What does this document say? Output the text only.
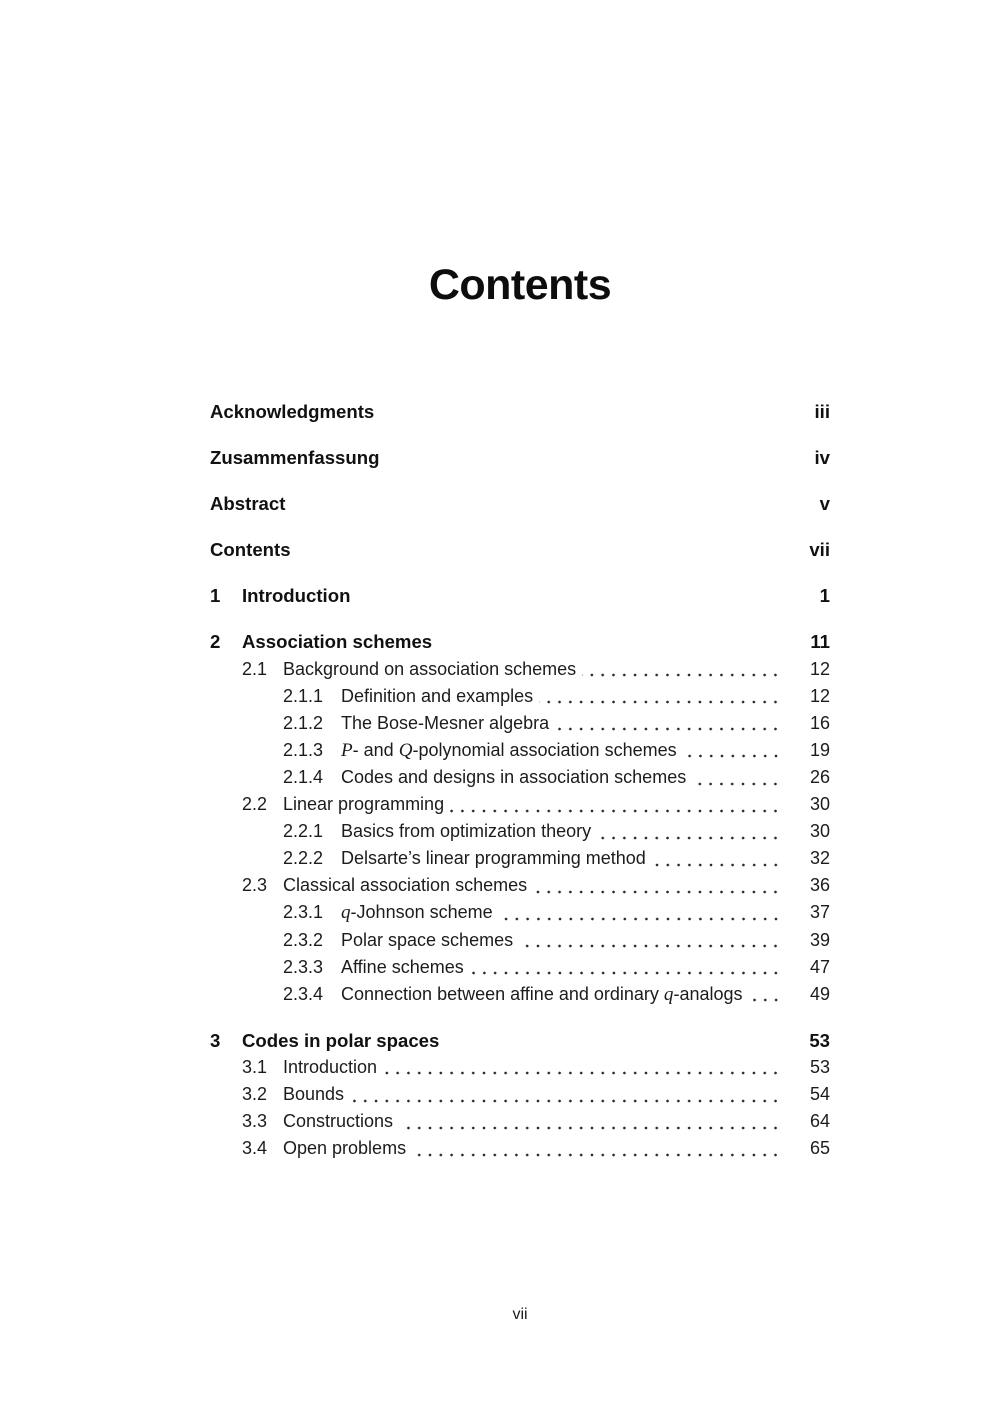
Contents
Acknowledgments	iii
Zusammenfassung	iv
Abstract	v
Contents	vii
1	Introduction	1
2	Association schemes	11
2.1 Background on association schemes	12
2.1.1 Definition and examples	12
2.1.2 The Bose-Mesner algebra	16
2.1.3 P- and Q-polynomial association schemes	19
2.1.4 Codes and designs in association schemes	26
2.2 Linear programming	30
2.2.1 Basics from optimization theory	30
2.2.2 Delsarte’s linear programming method	32
2.3 Classical association schemes	36
2.3.1 q-Johnson scheme	37
2.3.2 Polar space schemes	39
2.3.3 Affine schemes	47
2.3.4 Connection between affine and ordinary q-analogs	49
3	Codes in polar spaces	53
3.1 Introduction	53
3.2 Bounds	54
3.3 Constructions	64
3.4 Open problems	65
vii
